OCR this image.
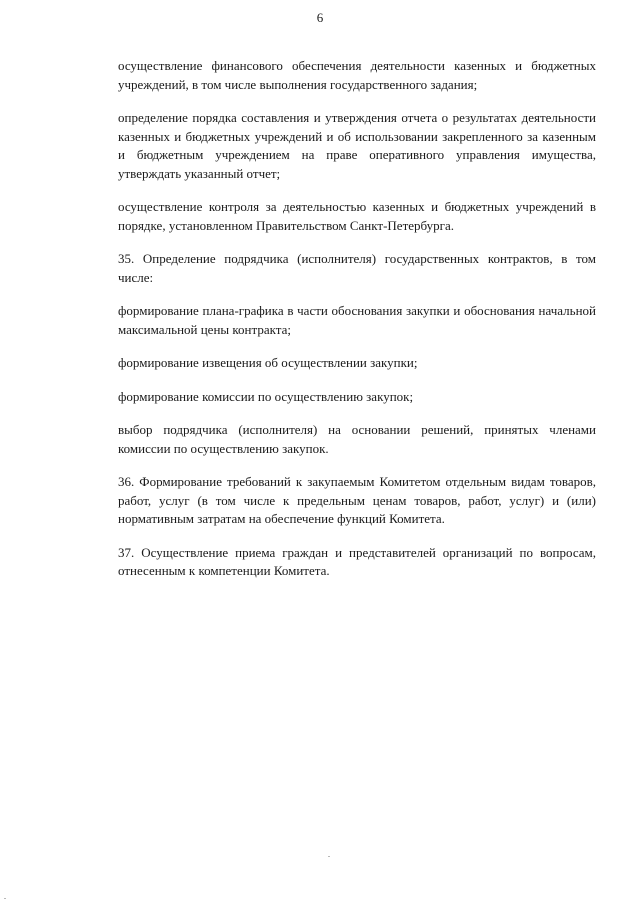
6

осуществление финансового обеспечения деятельности казенных и бюджетных учреждений, в том числе выполнения государственного задания;

определение порядка составления и утверждения отчета о результатах деятельности казенных и бюджетных учреждений и об использовании закрепленного за казенным и бюджетным учреждением на праве оперативного управления имущества, утверждать указанный отчет;

осуществление контроля за деятельностью казенных и бюджетных учреждений в порядке, установленном Правительством Санкт-Петербурга.

35. Определение подрядчика (исполнителя) государственных контрактов, в том числе:

формирование плана-графика в части обоснования закупки и обоснования начальной максимальной цены контракта;

формирование извещения об осуществлении закупки;

формирование комиссии по осуществлению закупок;

выбор подрядчика (исполнителя) на основании решений, принятых членами комиссии по осуществлению закупок.

36. Формирование требований к закупаемым Комитетом отдельным видам товаров, работ, услуг (в том числе к предельным ценам товаров, работ, услуг) и (или) нормативным затратам на обеспечение функций Комитета.

37. Осуществление приема граждан и представителей организаций по вопросам, отнесенным к компетенции Комитета.
